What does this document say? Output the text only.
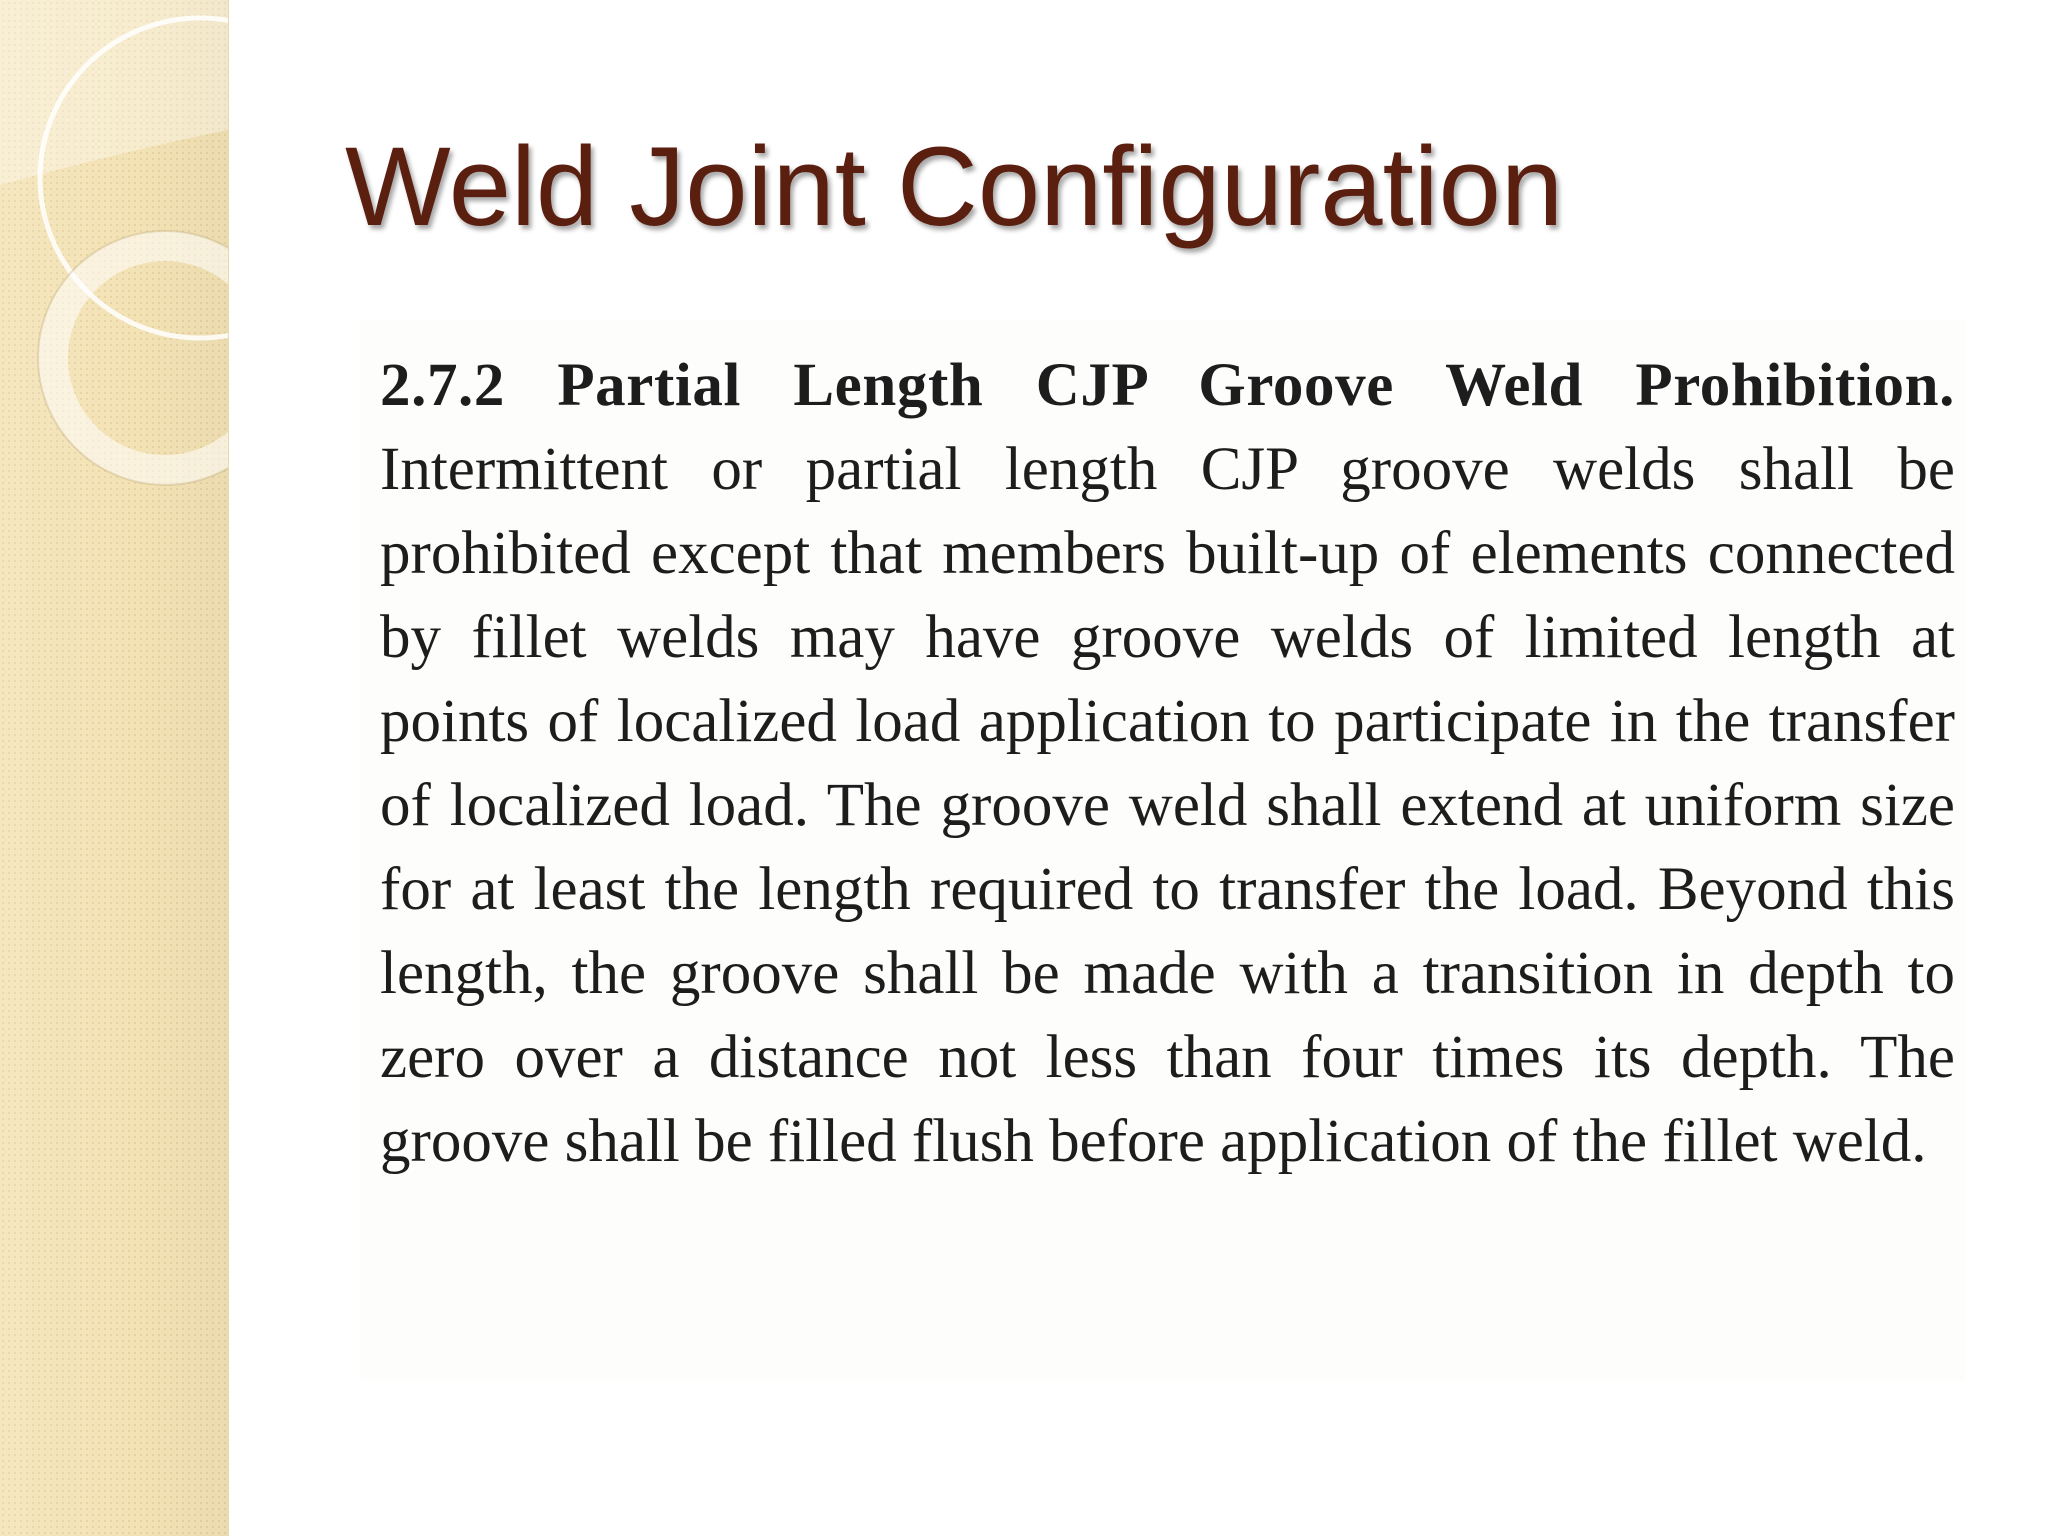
Weld Joint Configuration

2.7.2 Partial Length CJP Groove Weld Prohibition. Intermittent or partial length CJP groove welds shall be prohibited except that members built-up of elements connected by fillet welds may have groove welds of limited length at points of localized load application to participate in the transfer of localized load. The groove weld shall extend at uniform size for at least the length required to transfer the load. Beyond this length, the groove shall be made with a transition in depth to zero over a distance not less than four times its depth. The groove shall be filled flush before application of the fillet weld.
